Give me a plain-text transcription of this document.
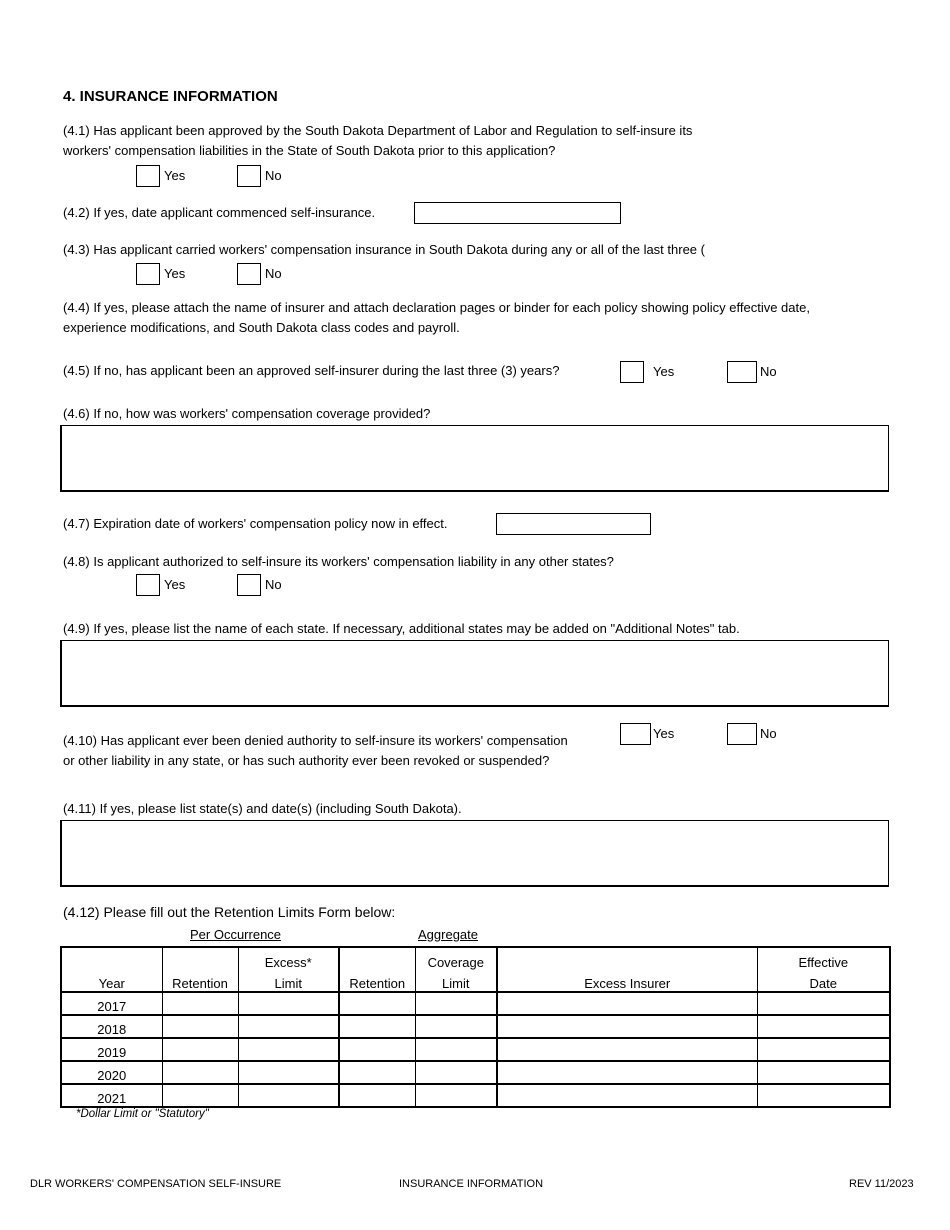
4. INSURANCE INFORMATION
(4.1) Has applicant been approved by the South Dakota Department of Labor and Regulation to self-insure its
workers' compensation liabilities in the State of South Dakota prior to this application?
Yes	No
(4.2) If yes, date applicant commenced self-insurance.
(4.3) Has applicant carried workers' compensation insurance in South Dakota during any or all of the last three (
Yes	No
(4.4) If yes, please attach the name of insurer and attach declaration pages or binder for each policy showing policy effective date,
experience modifications, and South Dakota class codes and payroll.
(4.5) If no, has applicant been an approved self-insurer during the last three (3) years?	Yes	No
(4.6) If no, how was workers' compensation coverage provided?
(4.7) Expiration date of workers' compensation policy now in effect.
(4.8) Is applicant authorized to self-insure its workers' compensation liability in any other states?
Yes	No
(4.9) If yes, please list the name of each state. If necessary, additional states may be added on "Additional Notes" tab.
(4.10) Has applicant ever been denied authority to self-insure its workers' compensation
or other liability in any state, or has such authority ever been revoked or suspended?
Yes	No
(4.11) If yes, please list state(s) and date(s) (including South Dakota).
(4.12) Please fill out the Retention Limits Form below:
Per Occurrence	Aggregate
		Excess*		Coverage		Effective
Year	Retention	Limit	Retention	Limit	Excess Insurer	Date
2017						
2018						
2019						
2020						
2021						
*Dollar Limit or "Statutory"
DLR WORKERS' COMPENSATION SELF-INSURE	INSURANCE INFORMATION	REV 11/2023
